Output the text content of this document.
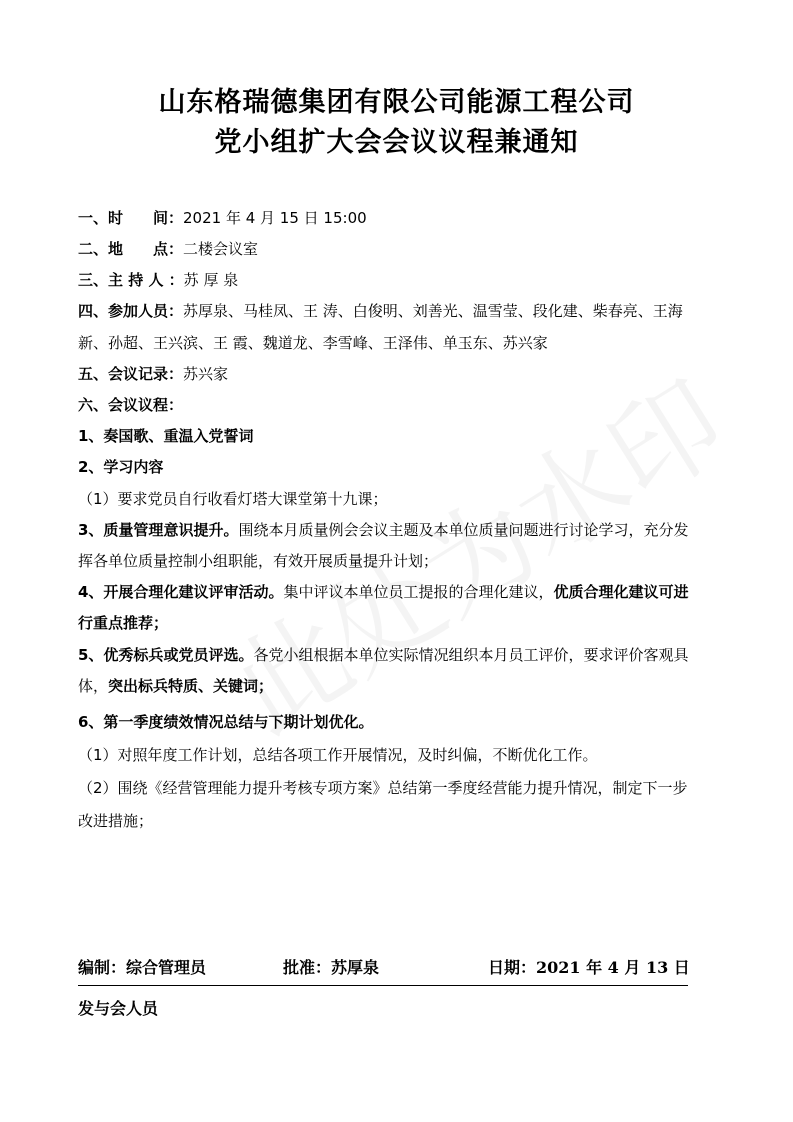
山东格瑞德集团有限公司能源工程公司
党小组扩大会会议议程兼通知
一、时　　间：2021 年 4 月 15 日 15:00
二、地　　点：二楼会议室
三、主 持 人 ：苏 厚 泉
四、参加人员：苏厚泉、马桂凤、王 涛、白俊明、刘善光、温雪莹、段化建、柴春亮、王海
新、孙超、王兴滨、王 霞、魏道龙、李雪峰、王泽伟、单玉东、苏兴家
五、会议记录：苏兴家
六、会议议程：
1、奏国歌、重温入党誓词
2、学习内容
（1）要求党员自行收看灯塔大课堂第十九课；
3、质量管理意识提升。围绕本月质量例会会议主题及本单位质量问题进行讨论学习，充分发
挥各单位质量控制小组职能，有效开展质量提升计划；
4、开展合理化建议评审活动。集中评议本单位员工提报的合理化建议，优质合理化建议可进
行重点推荐；
5、优秀标兵或党员评选。各党小组根据本单位实际情况组织本月员工评价，要求评价客观具
体，突出标兵特质、关键词；
6、第一季度绩效情况总结与下期计划优化。
（1）对照年度工作计划，总结各项工作开展情况，及时纠偏，不断优化工作。
（2）围绕《经营管理能力提升考核专项方案》总结第一季度经营能力提升情况，制定下一步
改进措施；
编制：综合管理员	批准：苏厚泉	日期：2021 年 4 月 13 日
发与会人员
